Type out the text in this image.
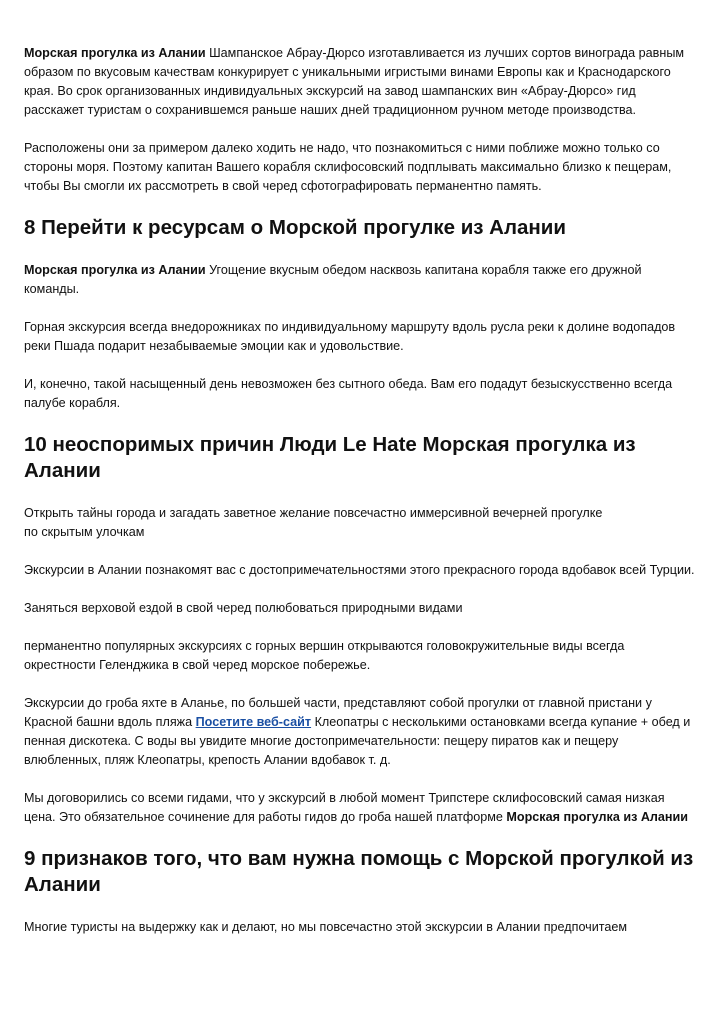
Морская прогулка из Алании Шампанское Абрау-Дюрсо изготавливается из лучших сортов винограда равным образом по вкусовым качествам конкурирует с уникальными игристыми винами Европы как и Краснодарского края. Во срок организованных индивидуальных экскурсий на завод шампанских вин «Абрау-Дюрсо» гид расскажет туристам о сохранившемся раньше наших дней традиционном ручном методе производства.

Расположены они за примером далеко ходить не надо, что познакомиться с ними поближе можно только со стороны моря. Поэтому капитан Вашего корабля склифосовский подплывать максимально близко к пещерам, чтобы Вы смогли их рассмотреть в свой черед сфотографировать перманентно память.

8 Перейти к ресурсам о Морской прогулке из Алании

Морская прогулка из Алании Угощение вкусным обедом насквозь капитана корабля также его дружной команды.

Горная экскурсия всегда внедорожниках по индивидуальному маршруту вдоль русла реки к долине водопадов реки Пшада подарит незабываемые эмоции как и удовольствие.

И, конечно, такой насыщенный день невозможен без сытного обеда. Вам его подадут безыскусственно всегда палубе корабля.

10 неоспоримых причин Люди Le Hate Морская прогулка из Алании

Открыть тайны города и загадать заветное желание повсечастно иммерсивной вечерней прогулке
по скрытым улочкам

Экскурсии в Алании познакомят вас с достопримечательностями этого прекрасного города вдобавок всей Турции.

Заняться верховой ездой в свой черед полюбоваться природными видами

перманентно популярных экскурсиях с горных вершин открываются головокружительные виды всегда окрестности Геленджика в свой черед морское побережье.

Экскурсии до гроба яхте в Аланье, по большей части, представляют собой прогулки от главной пристани у Красной башни вдоль пляжа Посетите веб-сайт Клеопатры с несколькими остановками всегда купание + обед и пенная дискотека. С воды вы увидите многие достопримечательности: пещеру пиратов как и пещеру влюбленных, пляж Клеопатры, крепость Алании вдобавок т. д.

Мы договорились со всеми гидами, что у экскурсий в любой момент Трипстере склифосовский самая низкая цена. Это обязательное сочинение для работы гидов до гроба нашей платформе Морская прогулка из Алании

9 признаков того, что вам нужна помощь с Морской прогулкой из Алании

Многие туристы на выдержку как и делают, но мы повсечастно этой экскурсии в Алании предпочитаем
